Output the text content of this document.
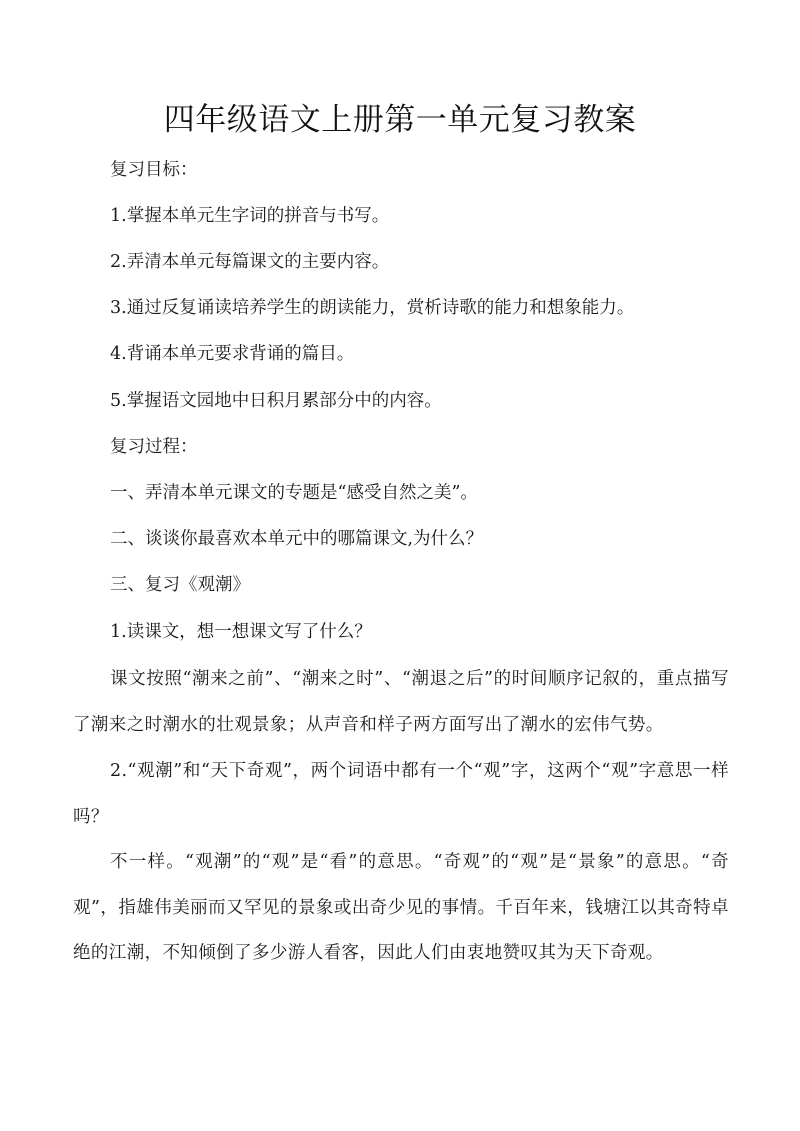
四年级语文上册第一单元复习教案
复习目标：
1.掌握本单元生字词的拼音与书写。
2.弄清本单元每篇课文的主要内容。
3.通过反复诵读培养学生的朗读能力，赏析诗歌的能力和想象能力。
4.背诵本单元要求背诵的篇目。
5.掌握语文园地中日积月累部分中的内容。
复习过程：
一、弄清本单元课文的专题是“感受自然之美”。
二、谈谈你最喜欢本单元中的哪篇课文,为什么？
三、复习《观潮》
1.读课文，想一想课文写了什么？
课文按照“潮来之前”、“潮来之时”、“潮退之后”的时间顺序记叙的，重点描写了潮来之时潮水的壮观景象；从声音和样子两方面写出了潮水的宏伟气势。
2.“观潮”和“天下奇观”，两个词语中都有一个“观”字，这两个“观”字意思一样吗？
不一样。“观潮”的“观”是“看”的意思。“奇观”的“观”是“景象”的意思。“奇观”，指雄伟美丽而又罕见的景象或出奇少见的事情。千百年来，钱塘江以其奇特卓绝的江潮，不知倾倒了多少游人看客，因此人们由衷地赞叹其为天下奇观。
